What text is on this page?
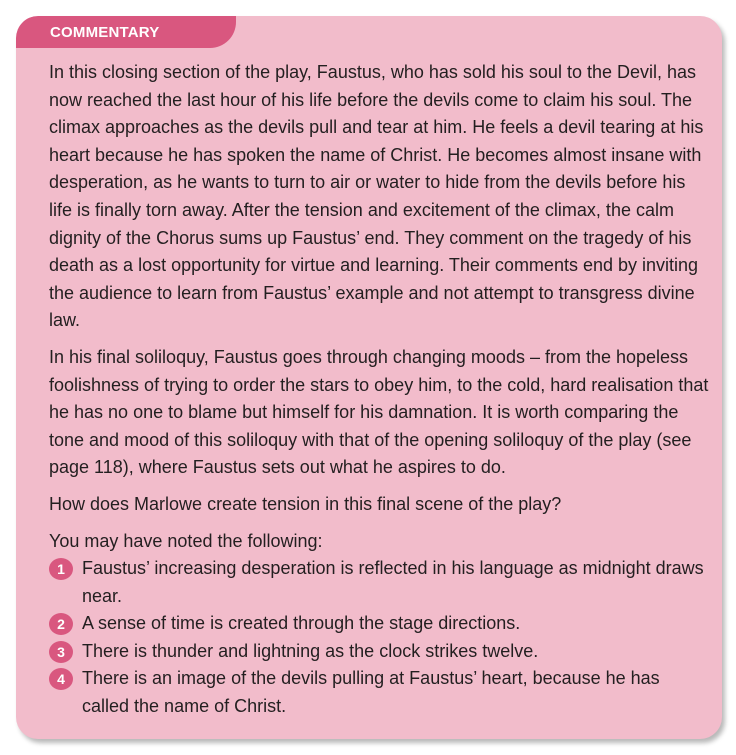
COMMENTARY

In this closing section of the play, Faustus, who has sold his soul to the Devil, has now reached the last hour of his life before the devils come to claim his soul. The climax approaches as the devils pull and tear at him. He feels a devil tearing at his heart because he has spoken the name of Christ. He becomes almost insane with desperation, as he wants to turn to air or water to hide from the devils before his life is finally torn away. After the tension and excitement of the climax, the calm dignity of the Chorus sums up Faustus’ end. They comment on the tragedy of his death as a lost opportunity for virtue and learning. Their comments end by inviting the audience to learn from Faustus’ example and not attempt to transgress divine law.

In his final soliloquy, Faustus goes through changing moods – from the hopeless foolishness of trying to order the stars to obey him, to the cold, hard realisation that he has no one to blame but himself for his damnation. It is worth comparing the tone and mood of this soliloquy with that of the opening soliloquy of the play (see page 118), where Faustus sets out what he aspires to do.

How does Marlowe create tension in this final scene of the play?

You may have noted the following:

1 Faustus’ increasing desperation is reflected in his language as midnight draws near.
2 A sense of time is created through the stage directions.
3 There is thunder and lightning as the clock strikes twelve.
4 There is an image of the devils pulling at Faustus’ heart, because he has called the name of Christ.
